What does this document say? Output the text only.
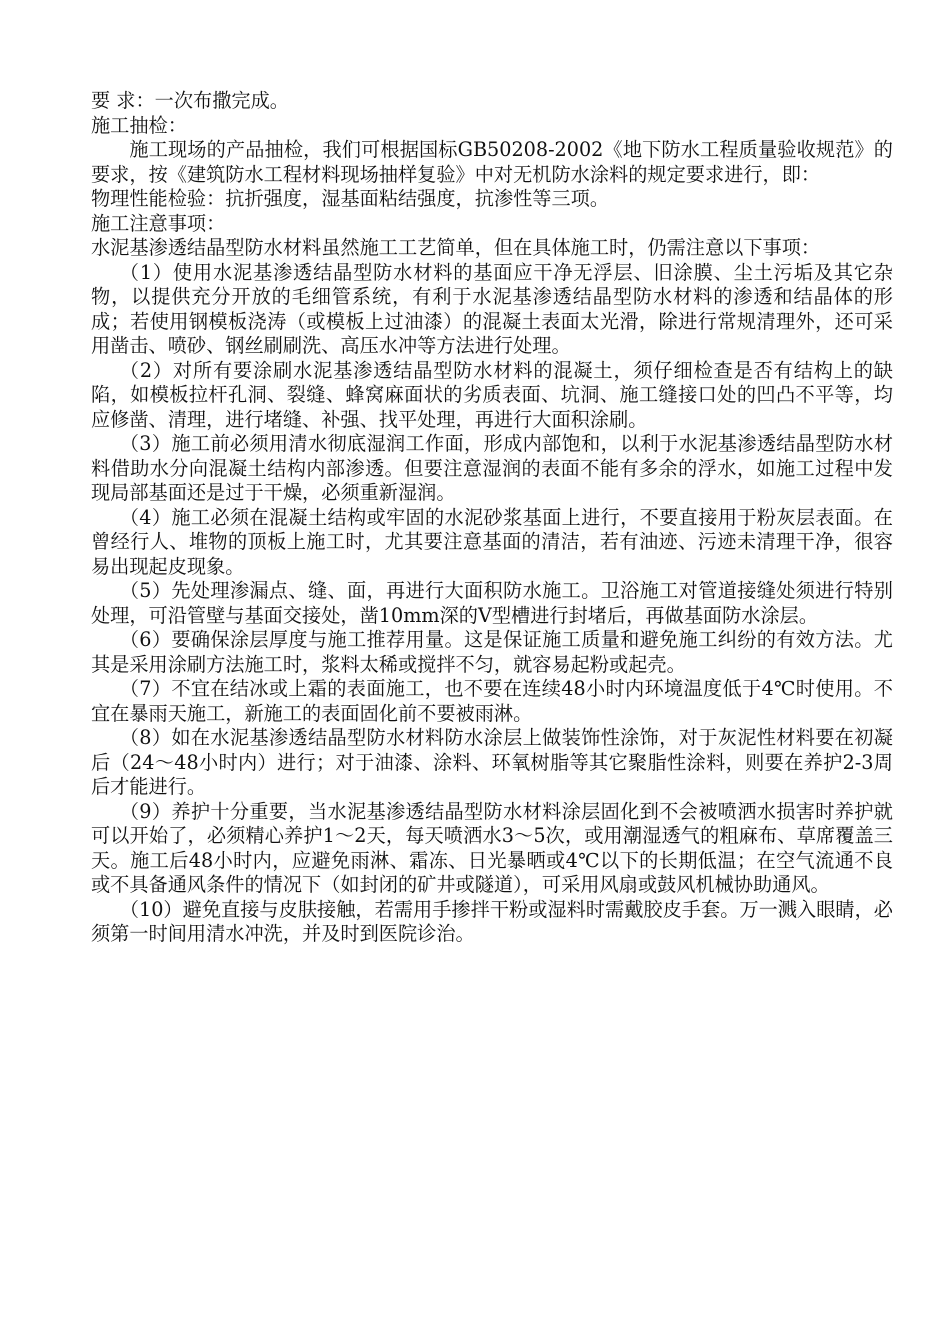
要 求：一次布撒完成。

施工抽检：

施工现场的产品抽检，我们可根据国标GB50208-2002《地下防水工程质量验收规范》的要求，按《建筑防水工程材料现场抽样复验》中对无机防水涂料的规定要求进行，即：

物理性能检验：抗折强度，湿基面粘结强度，抗渗性等三项。

施工注意事项：

水泥基渗透结晶型防水材料虽然施工工艺简单，但在具体施工时，仍需注意以下事项：

（1）使用水泥基渗透结晶型防水材料的基面应干净无浮层、旧涂膜、尘土污垢及其它杂物，以提供充分开放的毛细管系统，有利于水泥基渗透结晶型防水材料的渗透和结晶体的形成；若使用钢模板浇涛（或模板上过油漆）的混凝土表面太光滑，除进行常规清理外，还可采用凿击、喷砂、钢丝刷刷洗、高压水冲等方法进行处理。

（2）对所有要涂刷水泥基渗透结晶型防水材料的混凝土，须仔细检查是否有结构上的缺陷，如模板拉杆孔洞、裂缝、蜂窝麻面状的劣质表面、坑洞、施工缝接口处的凹凸不平等，均应修凿、清理，进行堵缝、补强、找平处理，再进行大面积涂刷。

（3）施工前必须用清水彻底湿润工作面，形成内部饱和，以利于水泥基渗透结晶型防水材料借助水分向混凝土结构内部渗透。但要注意湿润的表面不能有多余的浮水，如施工过程中发现局部基面还是过于干燥，必须重新湿润。

（4）施工必须在混凝土结构或牢固的水泥砂浆基面上进行，不要直接用于粉灰层表面。在曾经行人、堆物的顶板上施工时，尤其要注意基面的清洁，若有油迹、污迹未清理干净，很容易出现起皮现象。

（5）先处理渗漏点、缝、面，再进行大面积防水施工。卫浴施工对管道接缝处须进行特别处理，可沿管壁与基面交接处，凿10mm深的V型槽进行封堵后，再做基面防水涂层。

（6）要确保涂层厚度与施工推荐用量。这是保证施工质量和避免施工纠纷的有效方法。尤其是采用涂刷方法施工时，浆料太稀或搅拌不匀，就容易起粉或起壳。

（7）不宜在结冰或上霜的表面施工，也不要在连续48小时内环境温度低于4℃时使用。不宜在暴雨天施工，新施工的表面固化前不要被雨淋。

（8）如在水泥基渗透结晶型防水材料防水涂层上做装饰性涂饰，对于灰泥性材料要在初凝后（24～48小时内）进行；对于油漆、涂料、环氧树脂等其它聚脂性涂料，则要在养护2-3周后才能进行。

（9）养护十分重要，当水泥基渗透结晶型防水材料涂层固化到不会被喷洒水损害时养护就可以开始了，必须精心养护1～2天，每天喷洒水3～5次，或用潮湿透气的粗麻布、草席覆盖三天。施工后48小时内，应避免雨淋、霜冻、日光暴晒或4℃以下的长期低温；在空气流通不良或不具备通风条件的情况下（如封闭的矿井或隧道），可采用风扇或鼓风机械协助通风。

（10）避免直接与皮肤接触，若需用手掺拌干粉或湿料时需戴胶皮手套。万一溅入眼睛，必须第一时间用清水冲洗，并及时到医院诊治。
